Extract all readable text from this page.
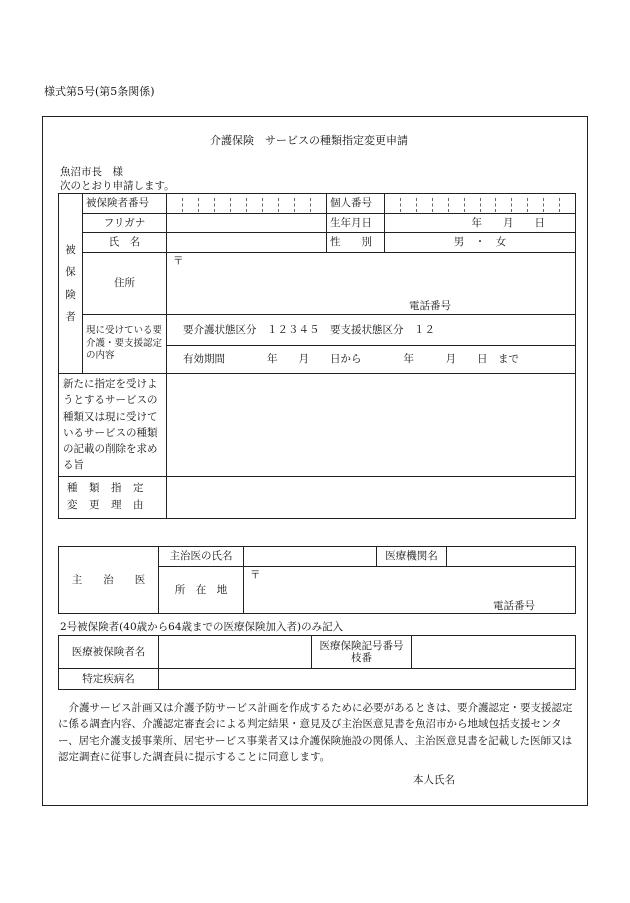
様式第5号(第5条関係)
介護保険　サービスの種類指定変更申請
魚沼市長　様
次のとおり申請します。
被
保
険
者	被保険者番号		個人番号	

	フリガナ		生年月日	年　　月　　日
	氏　名		性　　別	男　・　女
	住所	〒
電話番号		

	現に受けている要介護・要支援認定の内容	要介護状態区分　１２３４５　要支援状態区分　１２		
		有効期間　　　　年　　月　　日から　　　　年　　　月　　日　まで		
新たに指定を受けようとするサービスの種類又は現に受けているサービスの種類の記載の削除を求める旨				
種　類　指　定　変　更　理　由				
主　　治　　医	主治医の氏名		医療機関名	
	所　在　地	〒
電話番号		
2号被保険者(40歳から64歳までの医療保険加入者)のみ記入
医療被保険者名		医療保険記号番号枝番	
特定疾病名			
介護サービス計画又は介護予防サービス計画を作成するために必要があるときは、要介護認定・要支援認定に係る調査内容、介護認定審査会による判定結果・意見及び主治医意見書を魚沼市から地域包括支援センター、居宅介護支援事業所、居宅サービス事業者又は介護保険施設の関係人、主治医意見書を記載した医師又は認定調査に従事した調査員に提示することに同意します。
本人氏名
